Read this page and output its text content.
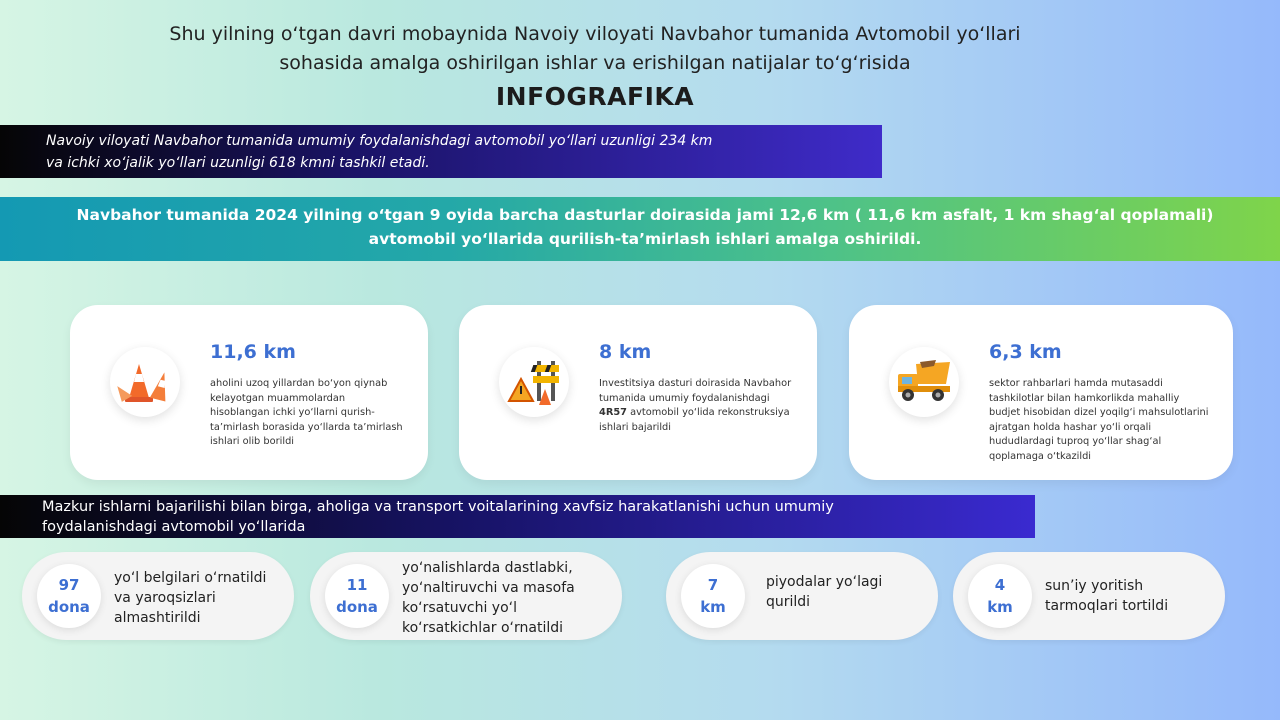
Shu yilning o‘tgan davri mobaynida Navoiy viloyati Navbahor tumanida Avtomobil yo‘llari
sohasida amalga oshirilgan ishlar va erishilgan natijalar to‘g‘risida
INFOGRAFIKA
Navoiy viloyati Navbahor tumanida umumiy foydalanishdagi avtomobil yo‘llari uzunligi 234 km
va ichki xo‘jalik yo‘llari uzunligi 618 kmni tashkil etadi.
Navbahor tumanida 2024 yilning o‘tgan 9 oyida barcha dasturlar doirasida jami 12,6 km ( 11,6 km asfalt, 1 km shag‘al qoplamali)
avtomobil yo‘llarida qurilish-ta’mirlash ishlari amalga oshirildi.
11,6 km
aholini uzoq yillardan bo‘yon qiynab kelayotgan muammolardan hisoblangan ichki yo‘llarni qurish-ta’mirlash borasida yo‘llarda ta’mirlash ishlari olib borildi
8 km
Investitsiya dasturi doirasida Navbahor tumanida umumiy foydalanishdagi 4R57 avtomobil yo‘lida rekonstruksiya ishlari bajarildi
6,3 km
sektor rahbarlari hamda mutasaddi tashkilotlar bilan hamkorlikda mahalliy budjet hisobidan dizel yoqilg‘i mahsulotlarini ajratgan holda hashar yo‘li orqali hududlardagi tuproq yo‘llar shag‘al qoplamaga o‘tkazildi
Mazkur ishlarni bajarilishi bilan birga, aholiga va transport voitalarining xavfsiz harakatlanishi uchun umumiy
foydalanishdagi avtomobil yo‘llarida
97
dona
yo‘l belgilari o‘rnatildi va yaroqsizlari almashtirildi
11
dona
yo‘nalishlarda dastlabki, yo‘naltiruvchi va masofa ko‘rsatuvchi yo‘l ko‘rsatkichlar o‘rnatildi
7
km
piyodalar yo‘lagi qurildi
4
km
sun’iy yoritish tarmoqlari tortildi
